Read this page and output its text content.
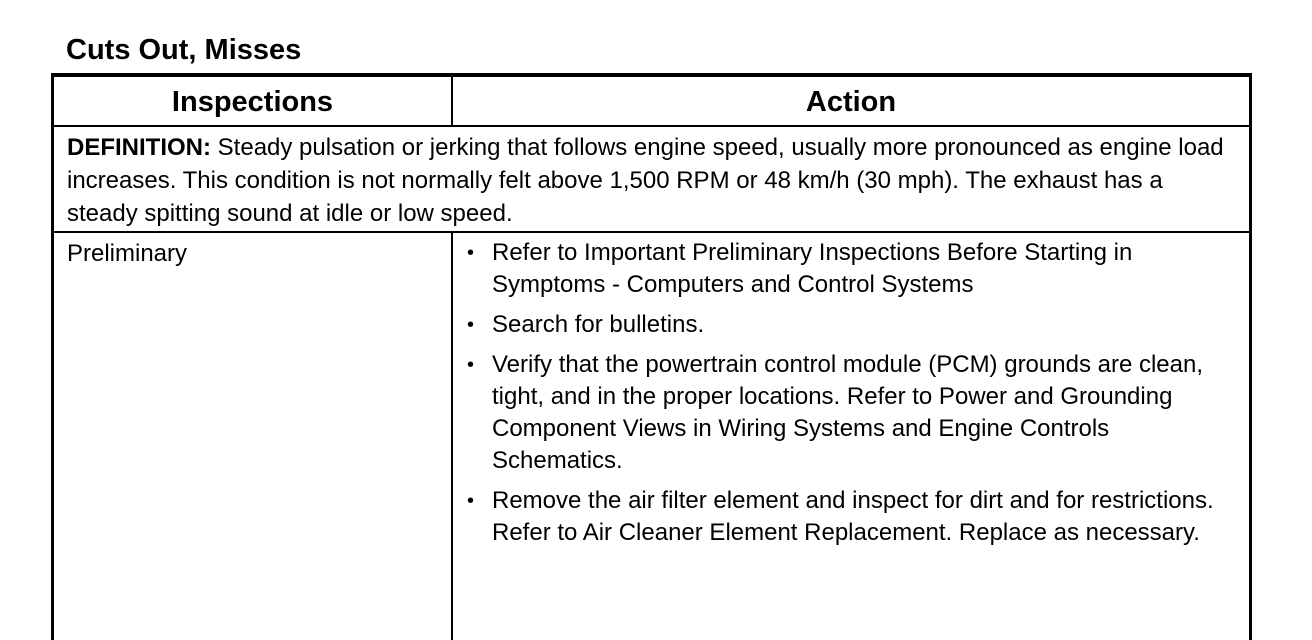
Cuts Out, Misses
Inspections	Action
DEFINITION: Steady pulsation or jerking that follows engine speed, usually more pronounced as engine load increases. This condition is not normally felt above 1,500 RPM or 48 km/h (30 mph). The exhaust has a steady spitting sound at idle or low speed.
Preliminary	• Refer to Important Preliminary Inspections Before Starting in Symptoms - Computers and Control Systems
• Search for bulletins.
• Verify that the powertrain control module (PCM) grounds are clean, tight, and in the proper locations. Refer to Power and Grounding Component Views in Wiring Systems and Engine Controls Schematics.
• Remove the air filter element and inspect for dirt and for restrictions. Refer to Air Cleaner Element Replacement. Replace as necessary.
